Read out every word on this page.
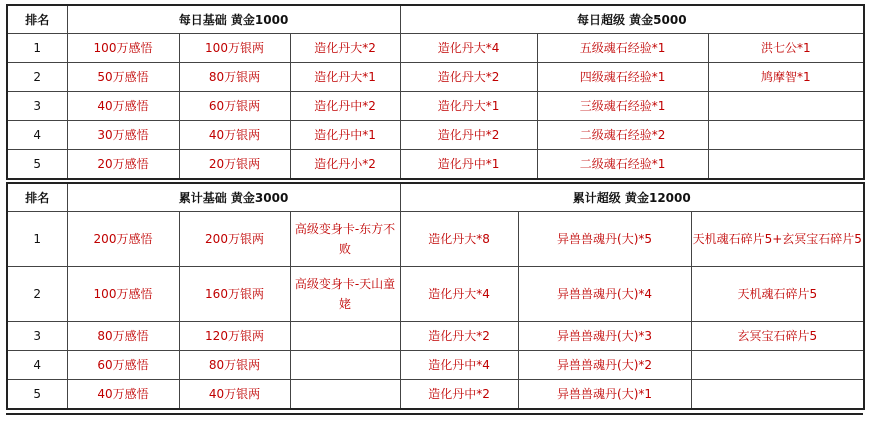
排名	每日基础 黄金1000			每日超级 黄金5000		
1	100万感悟	100万银两	造化丹大*2	造化丹大*4	五级魂石经验*1	洪七公*1
2	50万感悟	80万银两	造化丹大*1	造化丹大*2	四级魂石经验*1	鸠摩智*1
3	40万感悟	60万银两	造化丹中*2	造化丹大*1	三级魂石经验*1	
4	30万感悟	40万银两	造化丹中*1	造化丹中*2	二级魂石经验*2	
5	20万感悟	20万银两	造化丹小*2	造化丹中*1	二级魂石经验*1	
排名	累计基础 黄金3000			累计超级 黄金12000		
1	200万感悟	200万银两	高级变身卡-东方不败	造化丹大*8	异兽兽魂丹(大)*5	天机魂石碎片5+玄冥宝石碎片5
2	100万感悟	160万银两	高级变身卡-天山童姥	造化丹大*4	异兽兽魂丹(大)*4	天机魂石碎片5
3	80万感悟	120万银两		造化丹大*2	异兽兽魂丹(大)*3	玄冥宝石碎片5
4	60万感悟	80万银两		造化丹中*4	异兽兽魂丹(大)*2	
5	40万感悟	40万银两		造化丹中*2	异兽兽魂丹(大)*1	
